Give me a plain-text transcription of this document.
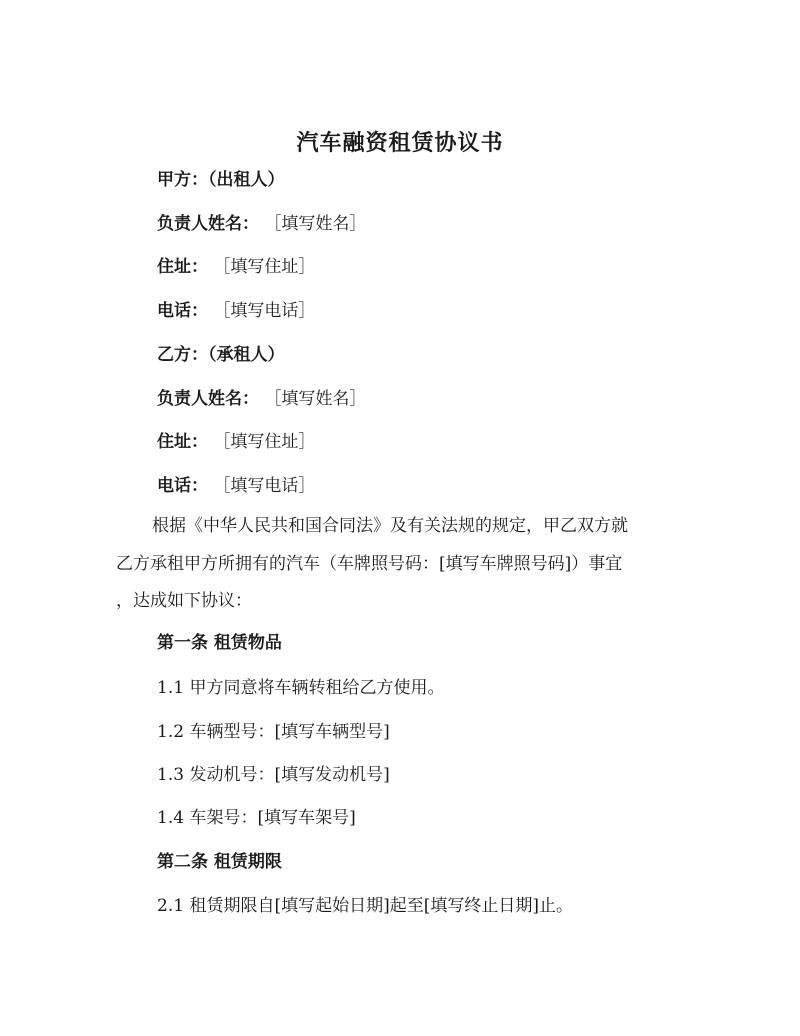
汽车融资租赁协议书
甲方：（出租人）
负责人姓名： ［填写姓名］
住址： ［填写住址］
电话： ［填写电话］
乙方：（承租人）
负责人姓名： ［填写姓名］
住址： ［填写住址］
电话： ［填写电话］
根据《中华人民共和国合同法》及有关法规的规定，甲乙双方就
乙方承租甲方所拥有的汽车（车牌照号码：[填写车牌照号码]）事宜
，达成如下协议：
第一条 租赁物品
1.1 甲方同意将车辆转租给乙方使用。
1.2 车辆型号：[填写车辆型号]
1.3 发动机号：[填写发动机号]
1.4 车架号：[填写车架号]
第二条 租赁期限
2.1 租赁期限自[填写起始日期]起至[填写终止日期]止。
